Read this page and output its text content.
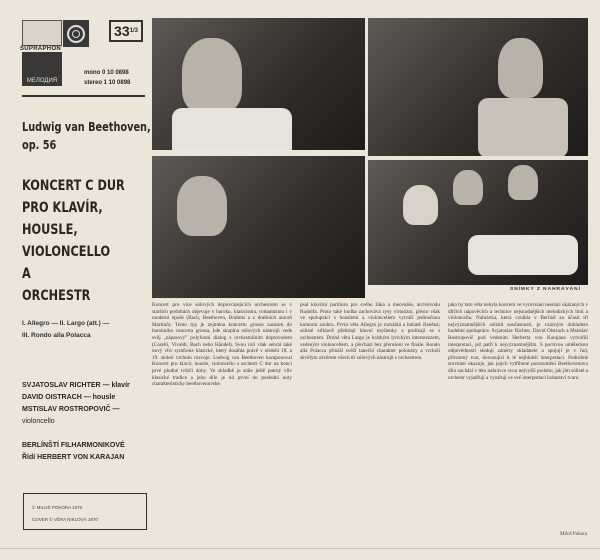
SUPRAPHON
МЕЛОДИЯ
33 1/3
mono 0 10 0898
stereo 1 10 0898
Ludwig van Beethoven,
op. 56
KONCERT C DUR
PRO KLAVÍR,
HOUSLE,
VIOLONCELLO
A
ORCHESTR
I. Allegro — II. Largo (att.) —
III. Rondo alla Polacca
SVJATOSLAV RICHTER — klavír
DAVID OISTRACH — housle
MSTISLAV ROSTROPOVIČ —
violoncello
BERLÍNŠTÍ FILHARMONIKOVÉ
Řídí HERBERT VON KARAJAN
© MILOŠ POKORA 1970
COVER © VĚRA NIKLOVÁ 1970
SNÍMKY Z NAHRÁVÁNÍ
Koncert pro více sólových doprovázejících orchestrem se v starších podobách objevuje v baroku, klasicismu, romantismu i v moderní epoše (Bach, Beethoven, Brahms a z dnešních autorů Martinů). Tento typ je zejména koncertu grosso zasazen do barokního concerta grossa, kde skupina sólových nástrojů vede svůj „zápasový" polyfonní dialog s orchestrálním doprovodem (Corelli, Vivaldi, Bach nebo Händel). Svou roli však sehrál také nový vliv symfonie klasické, který dosáhla právě v období 18. a 19. století vrcholu rozvoje. Ludwig van Beethoven komponoval Koncert pro klavír, housle, violoncello a orchestr C dur na konci prvé plodné tvůrčí doby. Ve skladbě je stále ještě patrný vliv klasické tradice a jeho dílo je od první do poslední noty charakteristicky beethovenovské.
psal klavírní partituru pro svého žáka a mecenáše, arcivévodu Rudolfa. Proto také hudba zachovává rysy virtuózní, přesto však ve spolupráci s houslemi a violoncellem vytváří jedinečnou komorní souhru. První věta Allegro je rozsáhlá a bohatě členěná; sólisté střídavě přebírají hlavní myšlenky a prolínají se s orchestrem. Druhá věta Largo je krátkým lyrickým intermezzem, vedeným violoncellem, a přechází bez přerušení ve finále. Rondo alla Polacca přináší svěží taneční charakter polonézy a vrcholí skvělým závěrem všech tří sólových nástrojů s orchestrem.
jako by tato věta nebyla koncem ve vyrovnání nesnází ukázaných v dílčích nápověcích a technice nejsnadnějších melodických linií a violoncella. Nahrávka, která vznikla v Berlíně za účasti tří nejvýznamnějších sólistů současnosti, je vzácným dokladem hudební spolupráce. Svjatoslav Richter, David Oistrach a Mstislav Rostropovič pod vedením Herberta von Karajana vytvořili interpretaci, jež patří k nejvýznamnějším. S poctivou uměleckou odpovědností sledují záměry skladatele a spojují je v řad, přirozený tvar, dovozující k té nejhlubší interpretaci. Podrobné srovnání ukazuje, jak jejich vytříbené porozumění Beethovenovu dílu nachází v této nahrávce svou nejvyšší podobu, jak jím sólisté a orchestr vyjadřují a vyzařují ve své interpretaci bohatství tvaru.
Miloš Pokora
